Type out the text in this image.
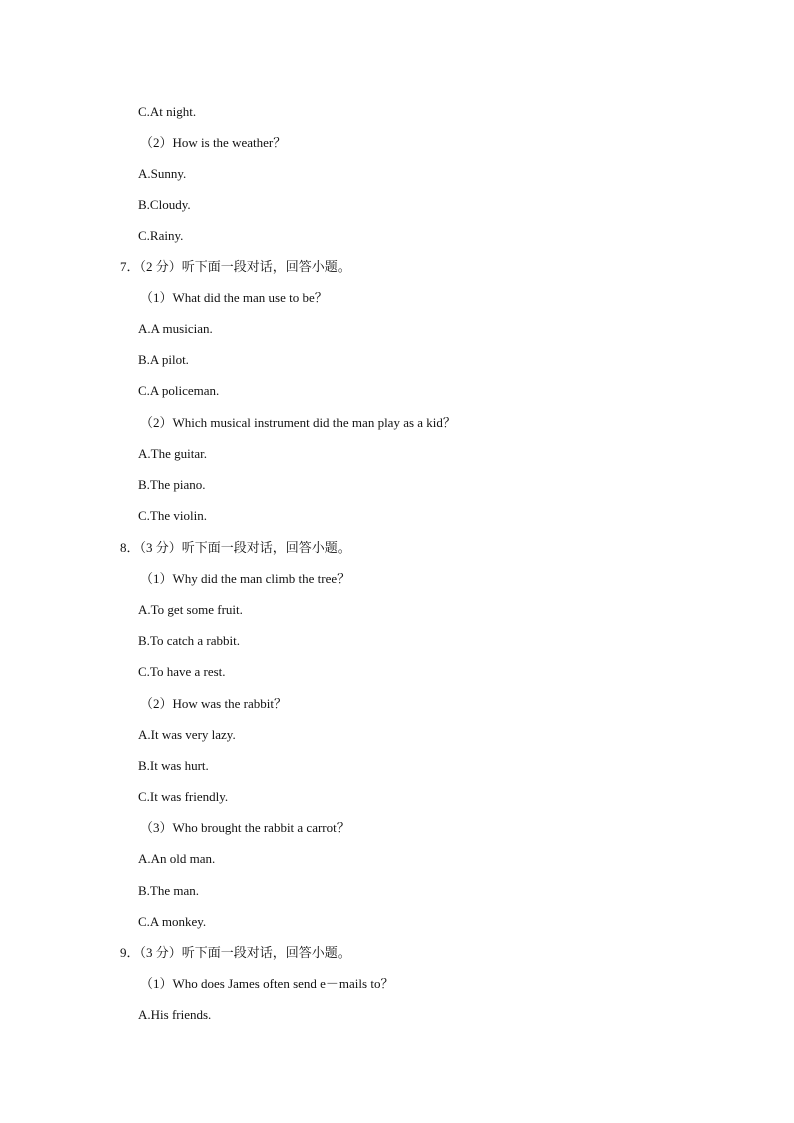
C.At night.
（2）How is the weather？
A.Sunny.
B.Cloudy.
C.Rainy.
7．（2 分）听下面一段对话，回答小题。
（1）What did the man use to be？
A.A musician.
B.A pilot.
C.A policeman.
（2）Which musical instrument did the man play as a kid？
A.The guitar.
B.The piano.
C.The violin.
8．（3 分）听下面一段对话，回答小题。
（1）Why did the man climb the tree？
A.To get some fruit.
B.To catch a rabbit.
C.To have a rest.
（2）How was the rabbit？
A.It was very lazy.
B.It was hurt.
C.It was friendly.
（3）Who brought the rabbit a carrot？
A.An old man.
B.The man.
C.A monkey.
9．（3 分）听下面一段对话，回答小题。
（1）Who does James often send e－mails to？
A.His friends.
